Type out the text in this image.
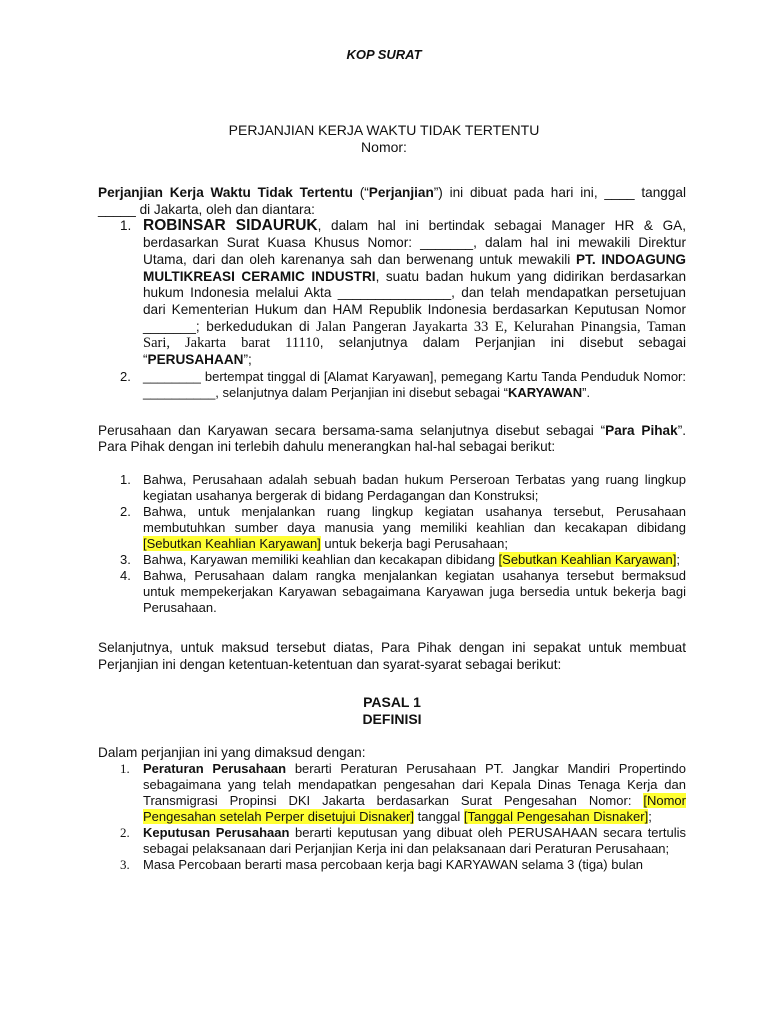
KOP SURAT
PERJANJIAN KERJA WAKTU TIDAK TERTENTU
Nomor:

Perjanjian Kerja Waktu Tidak Tertentu (“Perjanjian”) ini dibuat pada hari ini, ____ tanggal _____ di Jakarta, oleh dan diantara:

1. ROBINSAR SIDAURUK, dalam hal ini bertindak sebagai Manager HR & GA, berdasarkan Surat Kuasa Khusus Nomor: _______, dalam hal ini mewakili Direktur Utama, dari dan oleh karenanya sah dan berwenang untuk mewakili PT. INDOAGUNG MULTIKREASI CERAMIC INDUSTRI, suatu badan hukum yang didirikan berdasarkan hukum Indonesia melalui Akta _______________, dan telah mendapatkan persetujuan dari Kementerian Hukum dan HAM Republik Indonesia berdasarkan Keputusan Nomor _______; berkedudukan di Jalan Pangeran Jayakarta 33 E, Kelurahan Pinangsia, Taman Sari, Jakarta barat 11110, selanjutnya dalam Perjanjian ini disebut sebagai “PERUSAHAAN”;
2. ________ bertempat tinggal di [Alamat Karyawan], pemegang Kartu Tanda Penduduk Nomor: __________, selanjutnya dalam Perjanjian ini disebut sebagai “KARYAWAN”.

Perusahaan dan Karyawan secara bersama-sama selanjutnya disebut sebagai “Para Pihak”. Para Pihak dengan ini terlebih dahulu menerangkan hal-hal sebagai berikut:

1. Bahwa, Perusahaan adalah sebuah badan hukum Perseroan Terbatas yang ruang lingkup kegiatan usahanya bergerak di bidang Perdagangan dan Konstruksi;
2. Bahwa, untuk menjalankan ruang lingkup kegiatan usahanya tersebut, Perusahaan membutuhkan sumber daya manusia yang memiliki keahlian dan kecakapan dibidang [Sebutkan Keahlian Karyawan] untuk bekerja bagi Perusahaan;
3. Bahwa, Karyawan memiliki keahlian dan kecakapan dibidang [Sebutkan Keahlian Karyawan];
4. Bahwa, Perusahaan dalam rangka menjalankan kegiatan usahanya tersebut bermaksud untuk mempekerjakan Karyawan sebagaimana Karyawan juga bersedia untuk bekerja bagi Perusahaan.

Selanjutnya, untuk maksud tersebut diatas, Para Pihak dengan ini sepakat untuk membuat Perjanjian ini dengan ketentuan-ketentuan dan syarat-syarat sebagai berikut:

PASAL 1
DEFINISI

Dalam perjanjian ini yang dimaksud dengan:

1. Peraturan Perusahaan berarti Peraturan Perusahaan PT. Jangkar Mandiri Propertindo sebagaimana yang telah mendapatkan pengesahan dari Kepala Dinas Tenaga Kerja dan Transmigrasi Propinsi DKI Jakarta berdasarkan Surat Pengesahan Nomor: [Nomor Pengesahan setelah Perper disetujui Disnaker] tanggal [Tanggal Pengesahan Disnaker];
2. Keputusan Perusahaan berarti keputusan yang dibuat oleh PERUSAHAAN secara tertulis sebagai pelaksanaan dari Perjanjian Kerja ini dan pelaksanaan dari Peraturan Perusahaan;
3. Masa Percobaan berarti masa percobaan kerja bagi KARYAWAN selama 3 (tiga) bulan
